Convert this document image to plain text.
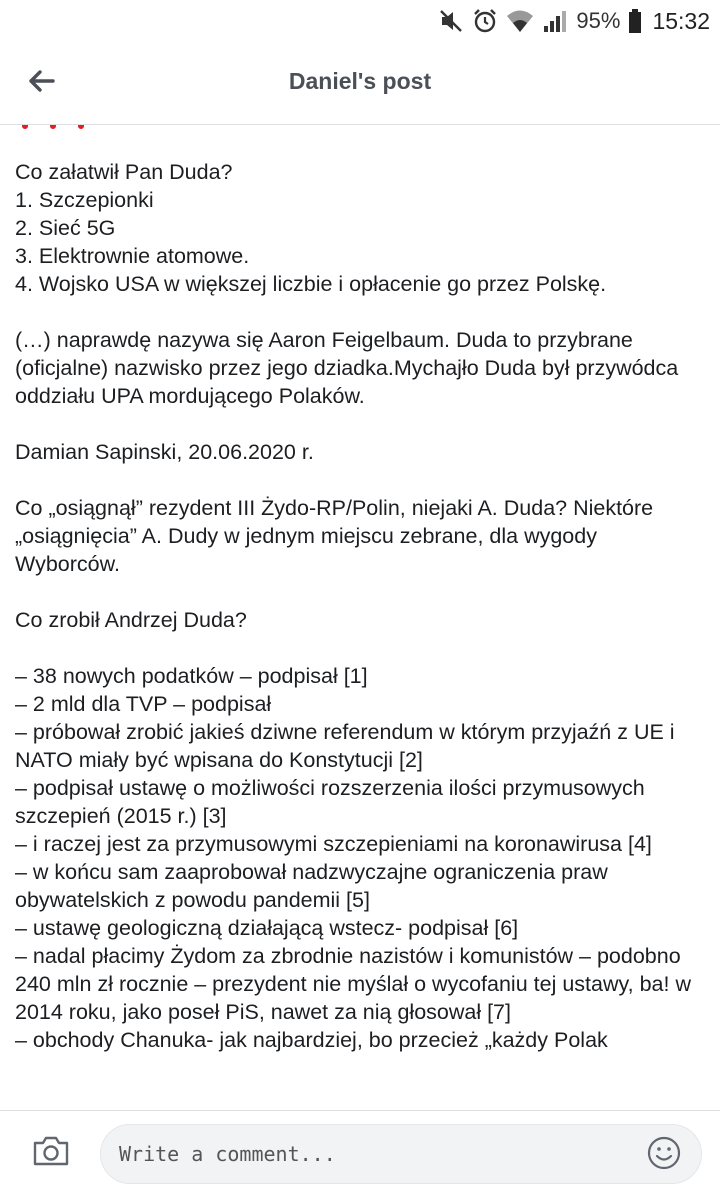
95% 15:32
Daniel's post

Co załatwił Pan Duda?

1. Szczepionki

2. Sieć 5G

3. Elektrownie atomowe.

4. Wojsko USA w większej liczbie i opłacenie go przez Polskę.

(…) naprawdę nazywa się Aaron Feigelbaum. Duda to przybrane (oficjalne) nazwisko przez jego dziadka.Mychajło Duda był przywódca oddziału UPA mordującego Polaków.

Damian Sapinski, 20.06.2020 r.

Co „osiągnął” rezydent III Żydo-RP/Polin, niejaki A. Duda? Niektóre „osiągnięcia” A. Dudy w jednym miejscu zebrane, dla wygody Wyborców.

Co zrobił Andrzej Duda?

– 38 nowych podatków – podpisał [1]

– 2 mld dla TVP – podpisał

– próbował zrobić jakieś dziwne referendum w którym przyjaźń z UE i NATO miały być wpisana do Konstytucji [2]

– podpisał ustawę o możliwości rozszerzenia ilości przymusowych szczepień (2015 r.) [3]

– i raczej jest za przymusowymi szczepieniami na koronawirusa [4]

– w końcu sam zaaprobował nadzwyczajne ograniczenia praw obywatelskich z powodu pandemii [5]

– ustawę geologiczną działającą wstecz- podpisał [6]

– nadal płacimy Żydom za zbrodnie nazistów i komunistów – podobno 240 mln zł rocznie – prezydent nie myślał o wycofaniu tej ustawy, ba! w 2014 roku, jako poseł PiS, nawet za nią głosował [7]

– obchody Chanuka- jak najbardziej, bo przecież „każdy Polak

Write a comment...
